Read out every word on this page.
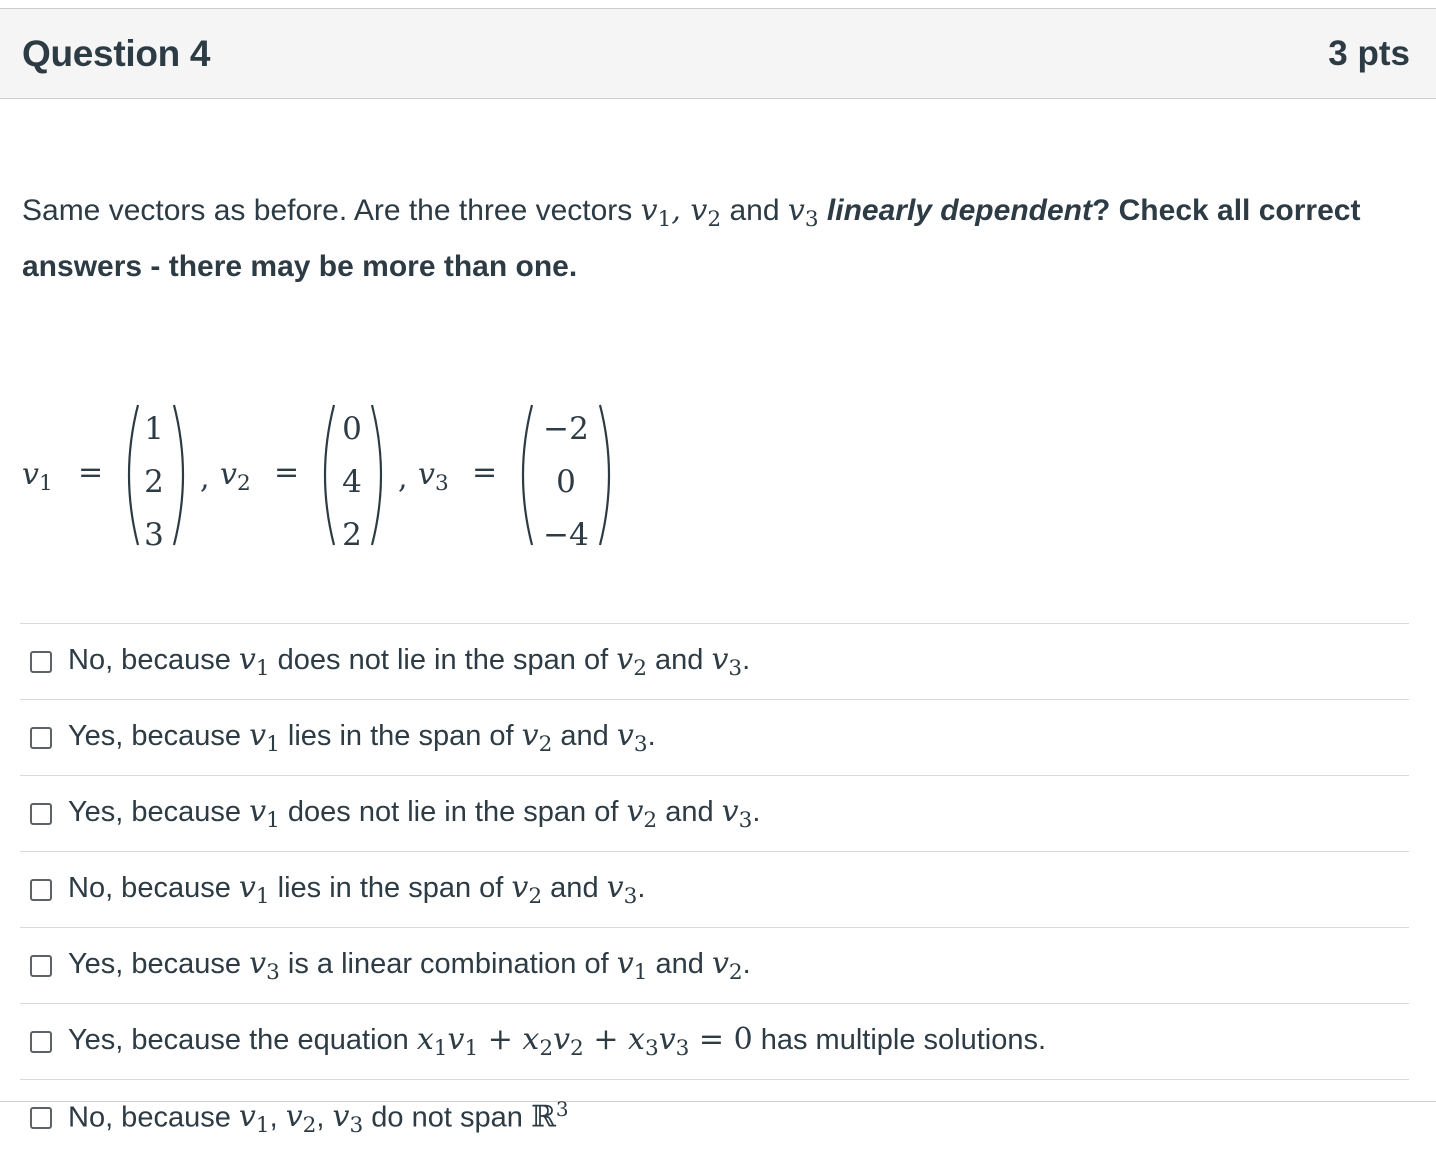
Question 4	3 pts
Same vectors as before. Are the three vectors $v_1$, $v_2$ and $v_3$ linearly dependent? Check all correct answers - there may be more than one.
$v_1$ =
1
2
3
, $v_2$ =
0
4
2
, $v_3$ =
−2
0
−4
No, because $v_1$ does not lie in the span of $v_2$ and $v_3$.
Yes, because $v_1$ lies in the span of $v_2$ and $v_3$.
Yes, because $v_1$ does not lie in the span of $v_2$ and $v_3$.
No, because $v_1$ lies in the span of $v_2$ and $v_3$.
Yes, because $v_3$ is a linear combination of $v_1$ and $v_2$.
Yes, because the equation $x_1v_1 + x_2v_2 + x_3v_3 = 0$ has multiple solutions.
No, because $v_1$, $v_2$, $v_3$ do not span ℝ$^3$
